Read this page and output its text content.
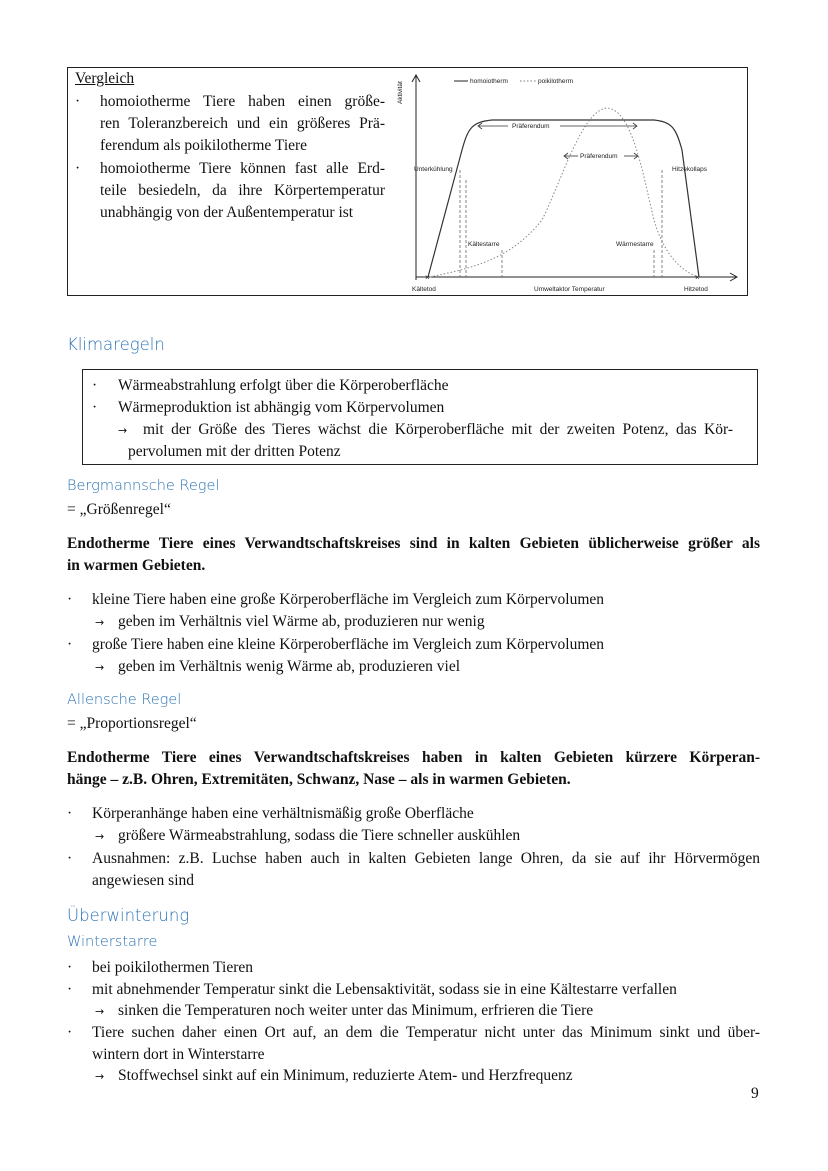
Vergleich
· homoiotherme Tiere haben einen größe-
ren Toleranzbereich und ein größeres Prä-
ferendum als poikilotherme Tiere
· homoiotherme Tiere können fast alle Erd-
teile besiedeln, da ihre Körpertemperatur
unabhängig von der Außentemperatur ist
Aktivität	homoiotherm	poikilotherm
Präferendum
Präferendum
Unterkühlung	Hitzekollaps
Kältestarre	Wärmestarre
×	×
Kältetod	Umweltaktor Temperatur	Hitzetod
Klimaregeln
· Wärmeabstrahlung erfolgt über die Körperoberfläche
· Wärmeproduktion ist abhängig vom Körpervolumen
→ mit der Größe des Tieres wächst die Körperoberfläche mit der zweiten Potenz, das Kör-
pervolumen mit der dritten Potenz
Bergmannsche Regel
= „Größenregel“
Endotherme Tiere eines Verwandtschaftskreises sind in kalten Gebieten üblicherweise größer als
in warmen Gebieten.
· kleine Tiere haben eine große Körperoberfläche im Vergleich zum Körpervolumen
→ geben im Verhältnis viel Wärme ab, produzieren nur wenig
· große Tiere haben eine kleine Körperoberfläche im Vergleich zum Körpervolumen
→ geben im Verhältnis wenig Wärme ab, produzieren viel
Allensche Regel
= „Proportionsregel“
Endotherme Tiere eines Verwandtschaftskreises haben in kalten Gebieten kürzere Körperan-
hänge – z.B. Ohren, Extremitäten, Schwanz, Nase – als in warmen Gebieten.
· Körperanhänge haben eine verhältnismäßig große Oberfläche
→ größere Wärmeabstrahlung, sodass die Tiere schneller auskühlen
· Ausnahmen: z.B. Luchse haben auch in kalten Gebieten lange Ohren, da sie auf ihr Hörvermögen
angewiesen sind
Überwinterung
Winterstarre
· bei poikilothermen Tieren
· mit abnehmender Temperatur sinkt die Lebensaktivität, sodass sie in eine Kältestarre verfallen
→ sinken die Temperaturen noch weiter unter das Minimum, erfrieren die Tiere
· Tiere suchen daher einen Ort auf, an dem die Temperatur nicht unter das Minimum sinkt und über-
wintern dort in Winterstarre
→ Stoffwechsel sinkt auf ein Minimum, reduzierte Atem- und Herzfrequenz
9
